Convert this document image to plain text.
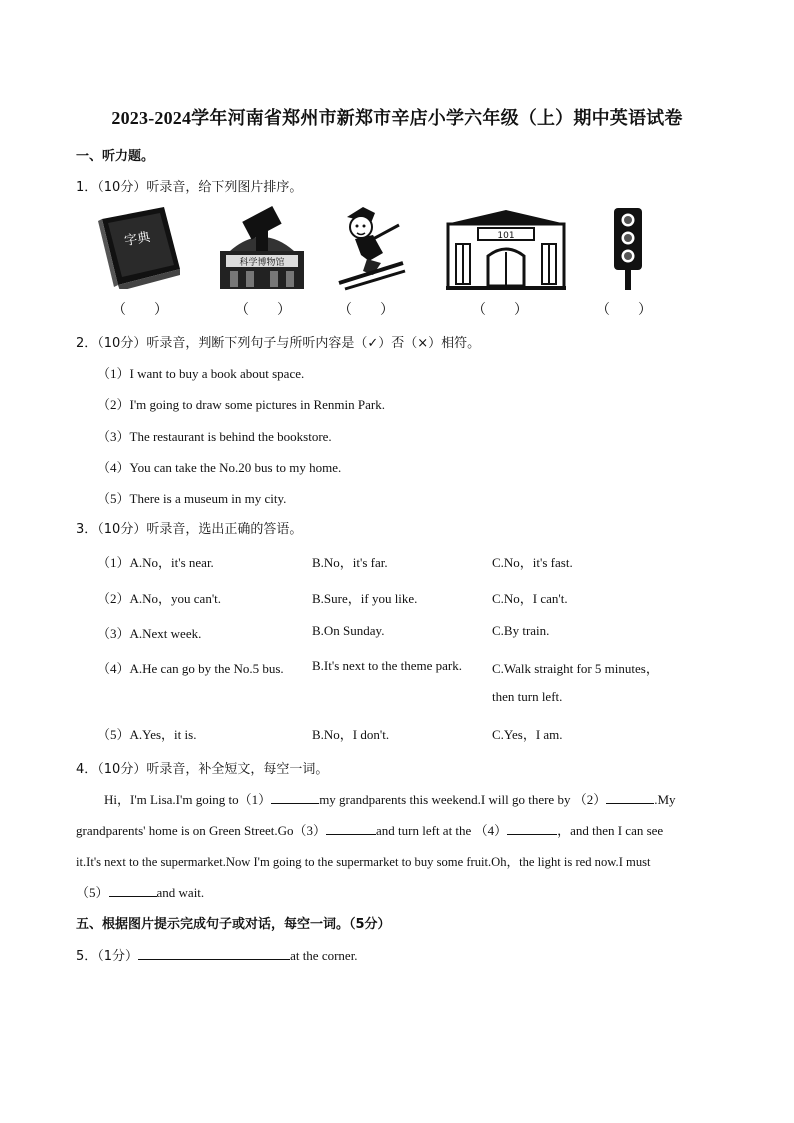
2023-2024学年河南省郑州市新郑市辛店小学六年级（上）期中英语试卷
一、听力题。
1．（10分）听录音，给下列图片排序。
字典
科学博物馆
101
（　　）	（　　）	（　　）	（　　）	（　　）
2．（10分）听录音，判断下列句子与所听内容是（✓）否（×）相符。
（1）I want to buy a book about space.
（2）I'm going to draw some pictures in Renmin Park.
（3）The restaurant is behind the bookstore.
（4）You can take the No.20 bus to my home.
（5）There is a museum in my city.
3．（10分）听录音，选出正确的答语。
（1）A.No，it's near.	B.No，it's far.	C.No，it's fast.
（2）A.No，you can't.	B.Sure，if you like.	C.No，I can't.
（3）A.Next week.	B.On Sunday.	C.By train.
（4）A.He can go by the No.5 bus. B.It's next to the theme park. C.Walk straight for 5 minutes，
then turn left.
（5）A.Yes，it is.	B.No，I don't.	C.Yes，I am.
4．（10分）听录音，补全短文，每空一词。
Hi，I'm Lisa.I'm going to（1）	my grandparents this weekend.I will go there by （2）	.My
grandparents' home is on Green Street.Go（3）	and turn left at the （4）	，and then I can see
it.It's next to the supermarket.Now I'm going to the supermarket to buy some fruit.Oh，the light is red now.I must
（5）	and wait.
五、根据图片提示完成句子或对话，每空一词。（5分）
5．（1分）	at the corner.
